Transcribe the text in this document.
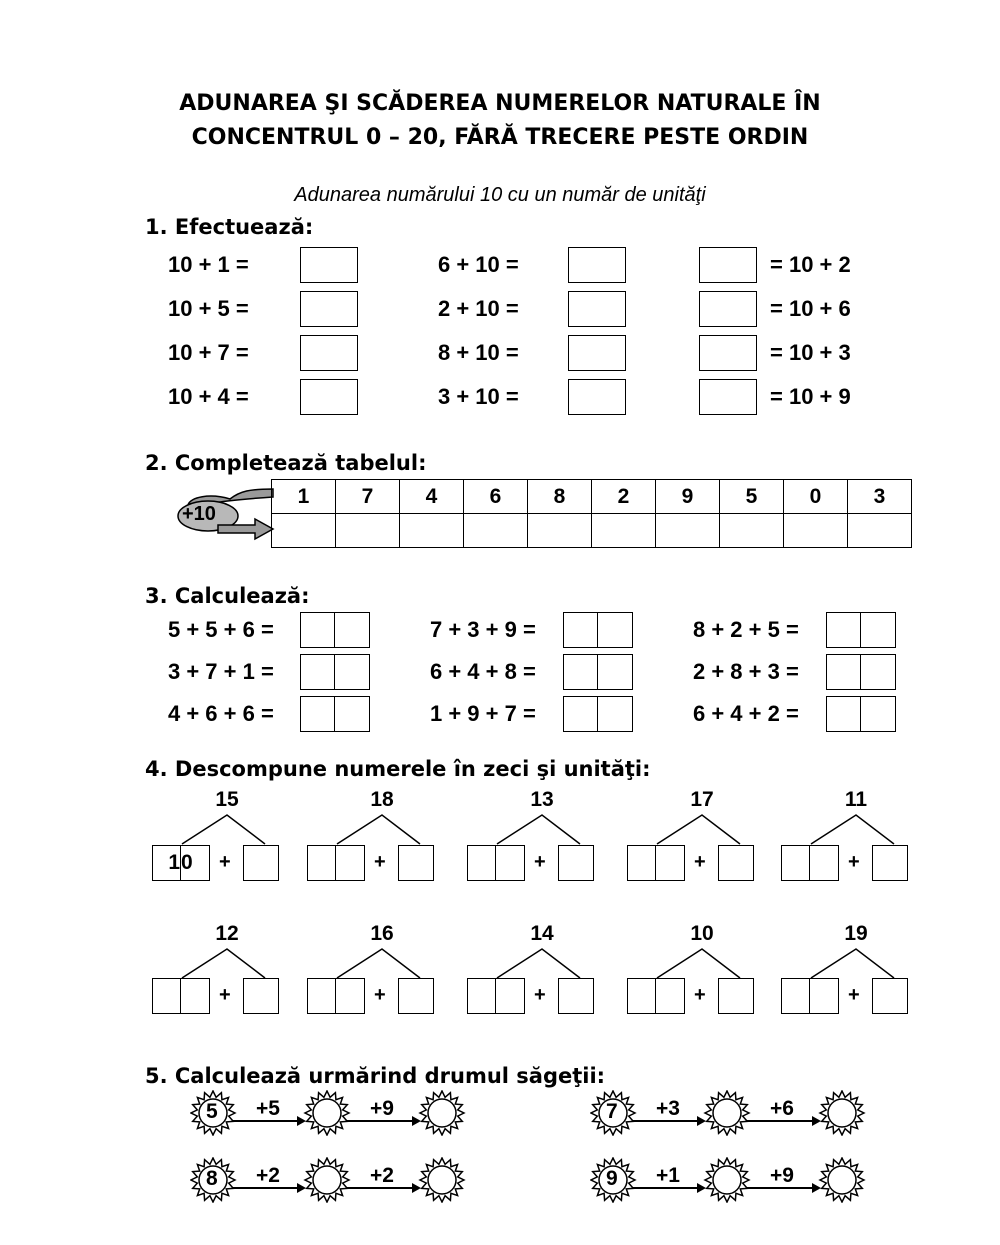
ADUNAREA ŞI SCĂDEREA NUMERELOR NATURALE ÎN
CONCENTRUL 0 – 20, FĂRĂ TRECERE PESTE ORDIN
Adunarea numărului 10 cu un număr de unităţi
1. Efectuează:
10 + 1 =	6 + 10 =	= 10 + 2
10 + 5 =	2 + 10 =	= 10 + 6
10 + 7 =	8 + 10 =	= 10 + 3
10 + 4 =	3 + 10 =	= 10 + 9
2. Completează tabelul:
+10
1	7	4	6	8	2	9	5	0	3

3. Calculează:
5 + 5 + 6 =	7 + 3 + 9 =	8 + 2 + 5 =
3 + 7 + 1 =	6 + 4 + 8 =	2 + 8 + 3 =
4 + 6 + 6 =	1 + 9 + 7 =	6 + 4 + 2 =
4. Descompune numerele în zeci şi unităţi:
15
1 0	+
18
+
13
+
17
+
11
+
12
+
16
+
14
+
10
+
19
+
5. Calculează urmărind drumul săgeţii:
5 +5	+9	7 +3	+6
8 +2	+2	9 +1	+9
